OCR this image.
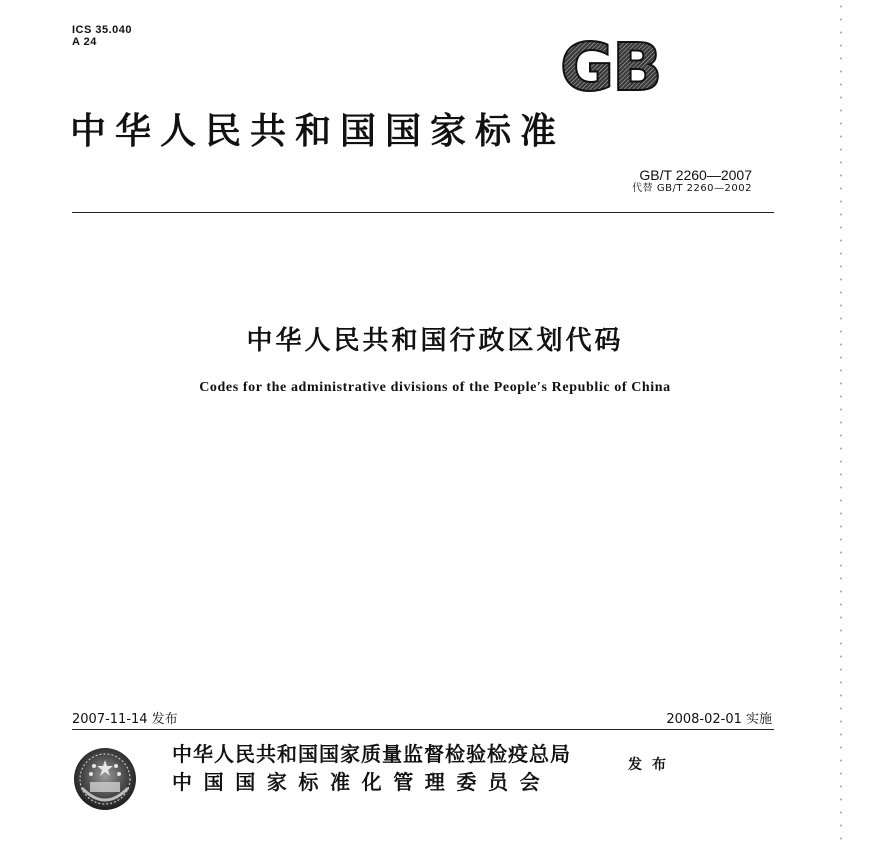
ICS 35.040
A 24	GB
中华人民共和国国家标准
GB/T 2260—2007
代替 GB/T 2260—2002
中华人民共和国行政区划代码
Codes for the administrative divisions of the People′s Republic of China
2007-11-14 发布	2008-02-01 实施
中华人民共和国国家质量监督检验检疫总局
中国国家标准化管理委员会
发布
